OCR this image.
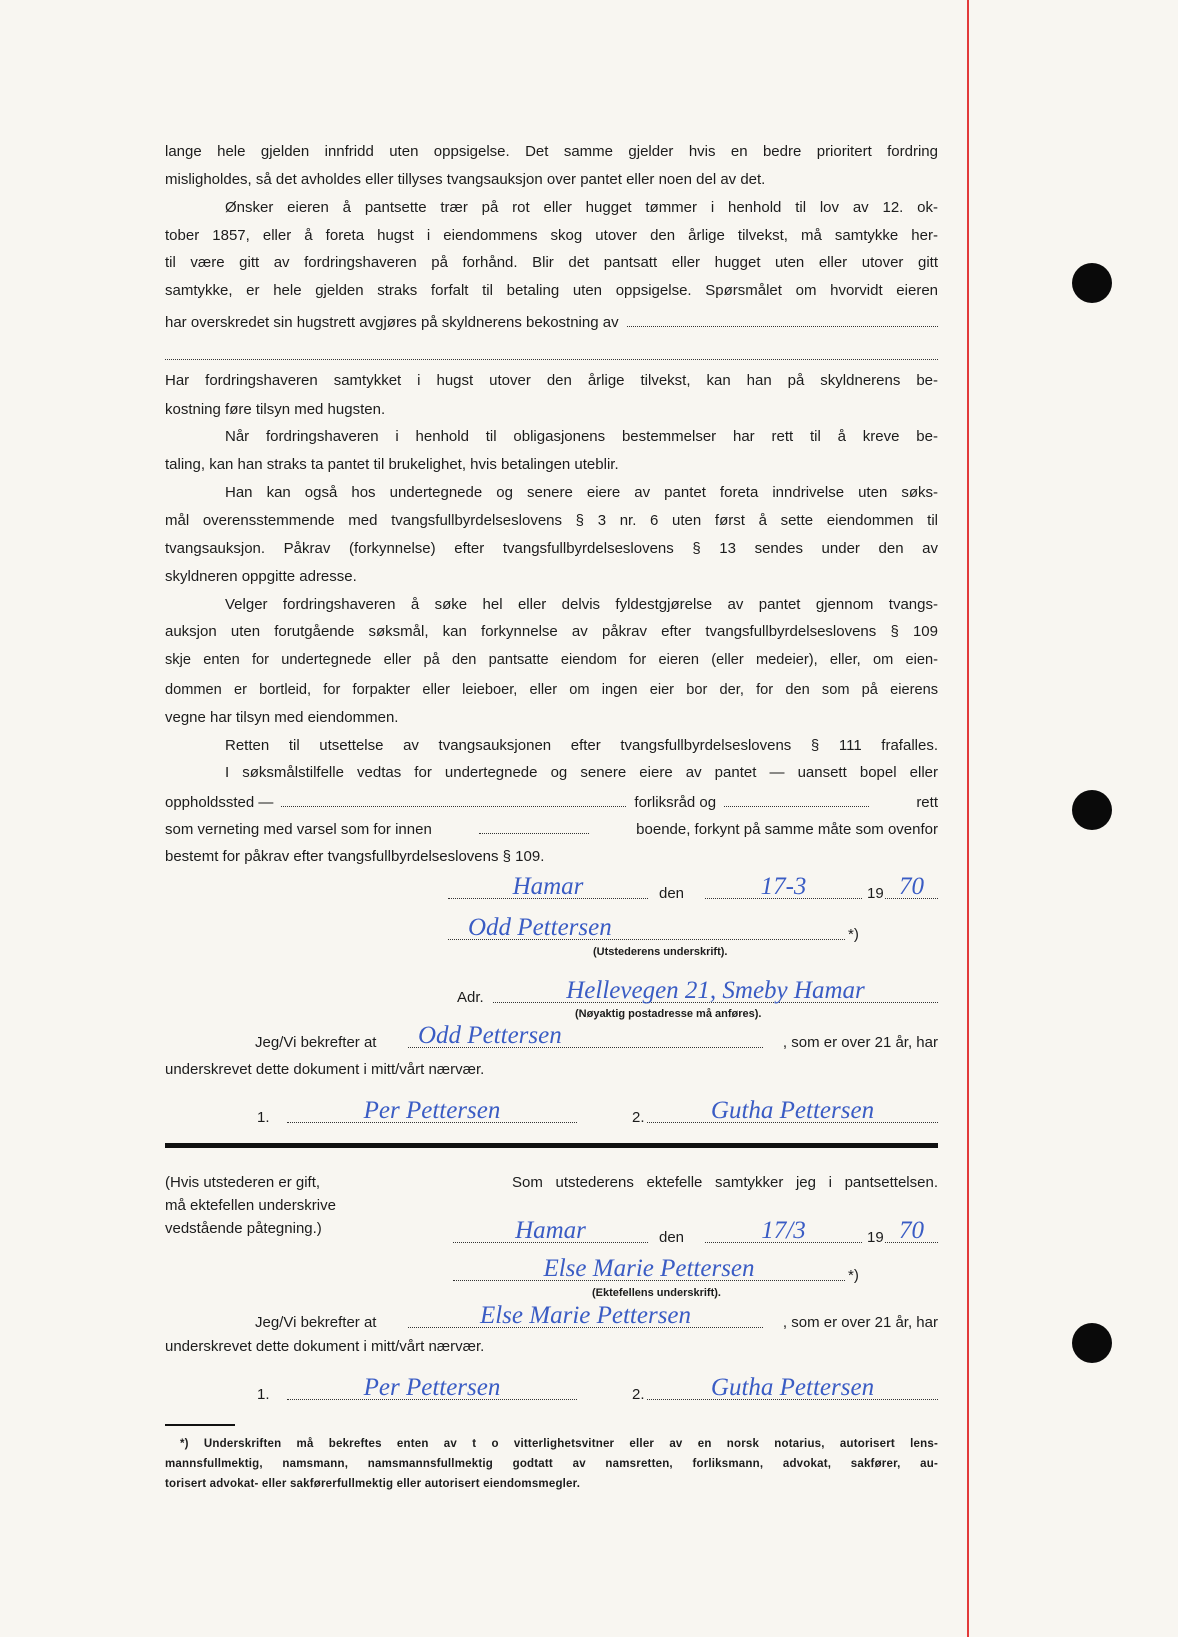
lange hele gjelden innfridd uten oppsigelse. Det samme gjelder hvis en bedre prioritert fordring
misligholdes, så det avholdes eller tillyses tvangsauksjon over pantet eller noen del av det.
Ønsker eieren å pantsette trær på rot eller hugget tømmer i henhold til lov av 12. ok-
tober 1857, eller å foreta hugst i eiendommens skog utover den årlige tilvekst, må samtykke her-
til være gitt av fordringshaveren på forhånd. Blir det pantsatt eller hugget uten eller utover gitt
samtykke, er hele gjelden straks forfalt til betaling uten oppsigelse. Spørsmålet om hvorvidt eieren
har overskredet sin hugstrett avgjøres på skyldnerens bekostning av
Har fordringshaveren samtykket i hugst utover den årlige tilvekst, kan han på skyldnerens be-
kostning føre tilsyn med hugsten.
Når fordringshaveren i henhold til obligasjonens bestemmelser har rett til å kreve be-
taling, kan han straks ta pantet til brukelighet, hvis betalingen uteblir.
Han kan også hos undertegnede og senere eiere av pantet foreta inndrivelse uten søks-
mål overensstemmende med tvangsfullbyrdelseslovens § 3 nr. 6 uten først å sette eiendommen til
tvangsauksjon. Påkrav (forkynnelse) efter tvangsfullbyrdelseslovens § 13 sendes under den av
skyldneren oppgitte adresse.
Velger fordringshaveren å søke hel eller delvis fyldestgjørelse av pantet gjennom tvangs-
auksjon uten forutgående søksmål, kan forkynnelse av påkrav efter tvangsfullbyrdelseslovens § 109
skje enten for undertegnede eller på den pantsatte eiendom for eieren (eller medeier), eller, om eien-
dommen er bortleid, for forpakter eller leieboer, eller om ingen eier bor der, for den som på eierens
vegne har tilsyn med eiendommen.
Retten til utsettelse av tvangsauksjonen efter tvangsfullbyrdelseslovens § 111 frafalles.
I søksmålstilfelle vedtas for undertegnede og senere eiere av pantet — uansett bopel eller
oppholdssted —	forliksråd og	rett
som verneting med varsel som for innen	boende, forkynt på samme måte som ovenfor
bestemt for påkrav efter tvangsfullbyrdelseslovens § 109.
Hamar	den	17-3	19 70
Odd Pettersen	*)
(Utstederens underskrift).
Adr.	Hellevegen 21, Smeby Hamar
(Nøyaktig postadresse må anføres).
Jeg/Vi bekrefter at Odd Pettersen	, som er over 21 år, har
underskrevet dette dokument i mitt/vårt nærvær.
1.	Per Pettersen	2.	Gutha Pettersen
(Hvis utstederen er gift,
må ektefellen underskrive
vedstående påtegning.)
Som utstederens ektefelle samtykker jeg i pantsettelsen.
Hamar	den	17/3	19 70
Else Marie Pettersen	*)
(Ektefellens underskrift).
Jeg/Vi bekrefter at	Else Marie Pettersen	, som er over 21 år, har
underskrevet dette dokument i mitt/vårt nærvær.
1.	Per Pettersen	2.	Gutha Pettersen
*) Underskriften må bekreftes enten av t o vitterlighetsvitner eller av en norsk notarius, autorisert lens-
mannsfullmektig, namsmann, namsmannsfullmektig godtatt av namsretten, forliksmann, advokat, sakfører, au-
torisert advokat- eller sakførerfullmektig eller autorisert eiendomsmegler.
